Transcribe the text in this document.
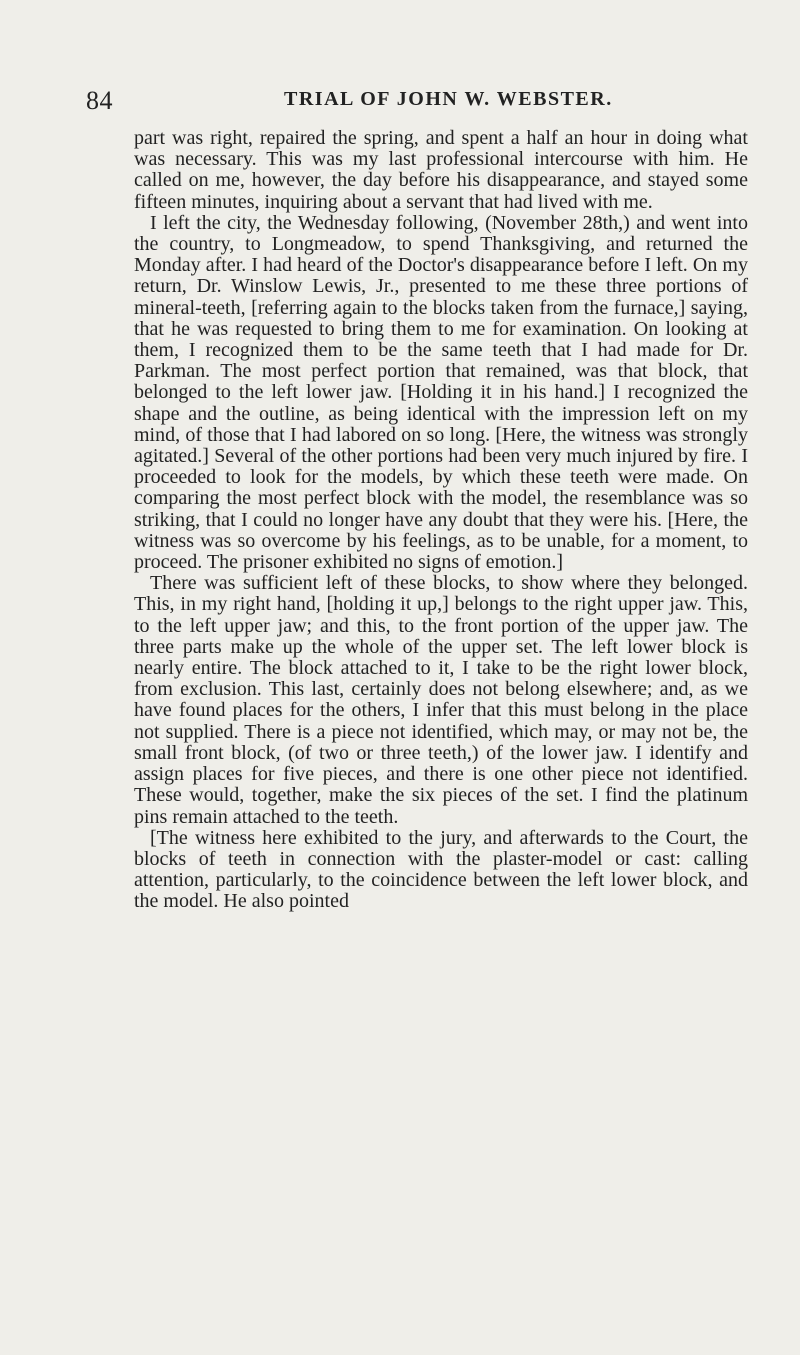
84	TRIAL OF JOHN W. WEBSTER.

part was right, repaired the spring, and spent a half an hour in doing what was necessary. This was my last professional intercourse with him. He called on me, however, the day before his disappearance, and stayed some fifteen minutes, inquiring about a servant that had lived with me.

I left the city, the Wednesday following, (November 28th,) and went into the country, to Longmeadow, to spend Thanksgiving, and returned the Monday after. I had heard of the Doctor's disappearance before I left. On my return, Dr. Winslow Lewis, Jr., presented to me these three portions of mineral-teeth, [referring again to the blocks taken from the furnace,] saying, that he was requested to bring them to me for examination. On looking at them, I recognized them to be the same teeth that I had made for Dr. Parkman. The most perfect portion that remained, was that block, that belonged to the left lower jaw. [Holding it in his hand.] I recognized the shape and the outline, as being identical with the impression left on my mind, of those that I had labored on so long. [Here, the witness was strongly agitated.] Several of the other portions had been very much injured by fire. I proceeded to look for the models, by which these teeth were made. On comparing the most perfect block with the model, the resemblance was so striking, that I could no longer have any doubt that they were his. [Here, the witness was so overcome by his feelings, as to be unable, for a moment, to proceed. The prisoner exhibited no signs of emotion.]

There was sufficient left of these blocks, to show where they belonged. This, in my right hand, [holding it up,] belongs to the right upper jaw. This, to the left upper jaw; and this, to the front portion of the upper jaw. The three parts make up the whole of the upper set. The left lower block is nearly entire. The block attached to it, I take to be the right lower block, from exclusion. This last, certainly does not belong elsewhere; and, as we have found places for the others, I infer that this must belong in the place not supplied. There is a piece not identified, which may, or may not be, the small front block, (of two or three teeth,) of the lower jaw. I identify and assign places for five pieces, and there is one other piece not identified. These would, together, make the six pieces of the set. I find the platinum pins remain attached to the teeth.

[The witness here exhibited to the jury, and afterwards to the Court, the blocks of teeth in connection with the plaster-model or cast: calling attention, particularly, to the coincidence between the left lower block, and the model. He also pointed
